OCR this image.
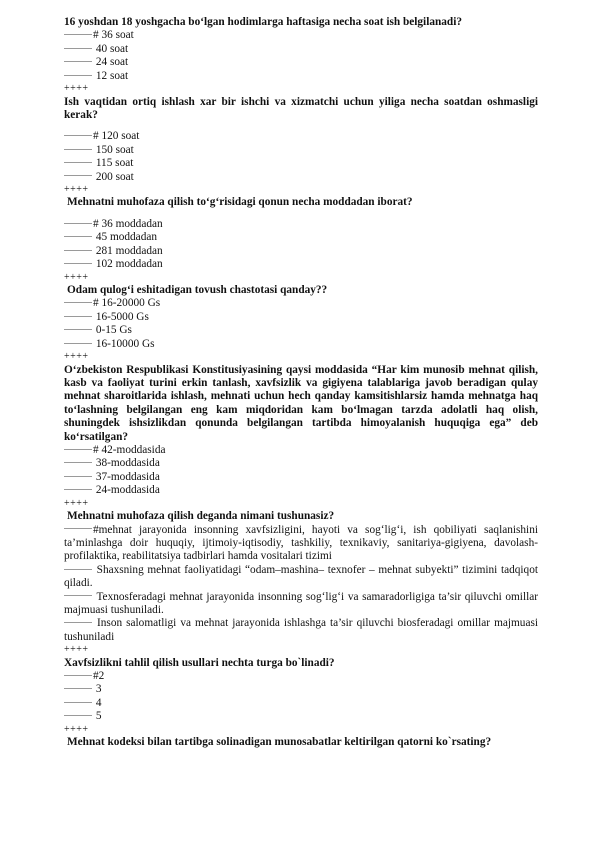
16 yoshdan 18 yoshgacha bo‘lgan hodimlarga haftasiga necha soat ish belgilanadi?

# 36 soat
40 soat
24 soat
12 soat

++++

Ish vaqtidan ortiq ishlash xar bir ishchi va xizmatchi uchun yiliga necha soatdan oshmasligi kerak?

# 120 soat
150 soat
115 soat
200 soat

++++

Mehnatni muhofaza qilish to‘g‘risidagi qonun necha moddadan iborat?

# 36 moddadan
45 moddadan
281 moddadan
102 moddadan

++++

Odam qulog‘i eshitadigan tovush chastotasi qanday??

# 16-20000 Gs
16-5000 Gs
0-15 Gs
16-10000 Gs

++++

O‘zbekiston Respublikasi Konstitusiyasining qaysi moddasida “Har kim munosib mehnat qilish, kasb va faoliyat turini erkin tanlash, xavfsizlik va gigiyena talablariga javob beradigan qulay mehnat sharoitlarida ishlash, mehnati uchun hech qanday kamsitishlarsiz hamda mehnatga haq to‘lashning belgilangan eng kam miqdoridan kam bo‘lmagan tarzda adolatli haq olish, shuningdek ishsizlikdan qonunda belgilangan tartibda himoyalanish huquqiga ega” deb ko‘rsatilgan?

# 42-moddasida
38-moddasida
37-moddasida
24-moddasida

++++

Mehnatni muhofaza qilish deganda nimani tushunasiz?

#mehnat jarayonida insonning xavfsizligini, hayoti va sog‘lig‘i, ish qobiliyati saqlanishini ta’minlashga doir huquqiy, ijtimoiy-iqtisodiy, tashkiliy, texnikaviy, sanitariya-gigiyena, davolash-profilaktika, reabilitatsiya tadbirlari hamda vositalari tizimi
Shaxsning mehnat faoliyatidagi “odam–mashina– texnofer – mehnat subyekti” tizimini tadqiqot qiladi.
Texnosferadagi mehnat jarayonida insonning sog‘lig‘i va samaradorligiga ta’sir qiluvchi omillar majmuasi tushuniladi.
Inson salomatligi va mehnat jarayonida ishlashga ta’sir qiluvchi biosferadagi omillar majmuasi tushuniladi

++++

Xavfsizlikni tahlil qilish usullari nechta turga bo`linadi?

#2
3
4
5

++++

Mehnat kodeksi bilan tartibga solinadigan munosabatlar keltirilgan qatorni ko`rsating?
